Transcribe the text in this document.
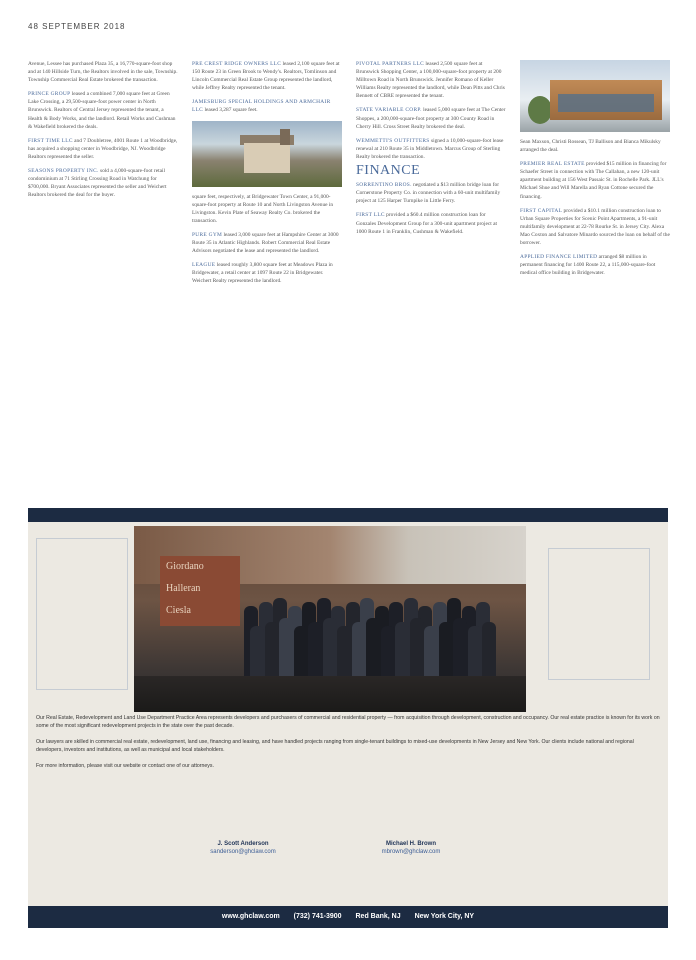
48 SEPTEMBER 2018

Avenue, Lessee has purchased Plaza 35, a 16,770-square-foot shop and at 140 Hillside Turn, the Realtors involved in the sale, Township. Township Commercial Real Estate brokered the transaction.

PRINCE GROUP leased a combined 7,000 square feet at Green Lake Crossing, a 29,500-square-foot power center in North Brunswick. Realtors of Central Jersey represented the tenant, a Health & Body Works, and the landlord. Retail Works and Cushman & Wakefield brokered the deals.

FIRST TIME LLC and 7 Doubletree, 4001 Route 1 at Woodbridge, has acquired a shopping center in Woodbridge, NJ. Woodbridge Realtors represented the seller.

SEASONS PROPERTY INC. sold a 4,000-square-foot retail condominium at 71 Stirling Crossing Road in Watchung for $700,000. Bryant Associates represented the seller and Weichert Realtors brokered the deal for the buyer.

PRE CREST RIDGE OWNERS LLC leased 2,100 square feet at 150 Route 23 in Green Brook to Wendy's. Realtors, Tomlinson and Lincoln Commercial Real Estate Group represented the landlord, while Jeffrey Realty represented the tenant.

JAMESBURG SPECIAL HOLDINGS AND ARMCHAIR LLC leased 3,287 square feet.

square feet, respectively, at Bridgewater Town Center, a 91,000-square-foot property at Route 10 and North Livingston Avenue in Livingston. Kevin Plate of Seaway Realty Co. brokered the transaction.

PURE GYM leased 3,000 square feet at Hampshire Center at 3000 Route 35 in Atlantic Highlands. Robert Commercial Real Estate Advisors negotiated the lease and represented the landlord.

LEAGUE leased roughly 3,800 square feet at Meadows Plaza in Bridgewater, a retail center at 1097 Route 22 in Bridgewater. Weichert Realty represented the landlord.

PIVOTAL PARTNERS LLC leased 2,500 square feet at Brunswick Shopping Center, a 100,000-square-foot property at 200 Milltown Road in North Brunswick. Jennifer Romano of Keller Williams Realty represented the landlord, while Dean Pitts and Chris Bennett of CBRE represented the tenant.

STATE VARIABLE CORP. leased 5,000 square feet at The Center Shoppes, a 200,000-square-foot property at 300 County Road in Cherry Hill. Cross Street Realty brokered the deal.

WEMMETTI'S OUTFITTERS signed a 10,000-square-foot lease renewal at 210 Route 35 in Middletown. Marcus Group of Sterling Realty brokered the transaction.

FINANCE

SORRENTINO BROS. negotiated a $13 million bridge loan for Cornerstone Property Co. in connection with a 60-unit multifamily project at 125 Harper Turnpike in Little Ferry.

FIRST LLC provided a $60.4 million construction loan for Gonzales Development Group for a 300-unit apartment project at 1000 Route 1 in Franklin, Cushman & Wakefield.

Sean Maxson, Christi Rossean, TJ Ballison and Bianca Mikulsky arranged the deal.

PREMIER REAL ESTATE provided $15 million in financing for Schaefer Street in connection with The Callahan, a new 120-unit apartment building at 156 West Passaic St. in Rochelle Park. JLL's Michael Shue and Will Marella and Ryan Cottone secured the financing.

FIRST CAPITAL provided a $10.1 million construction loan to Urban Square Properties for Scenic Point Apartments, a 91-unit multifamily development at 22-78 Rourke St. in Jersey City. Alexa Mao Coxton and Salvatore Minardo sourced the loan on behalf of the borrower.

APPLIED FINANCE LIMITED arranged $8 million in permanent financing for 1400 Route 22, a 115,000-square-foot medical office building in Bridgewater.

Giordano
Halleran
Ciesla

Our Real Estate, Redevelopment and Land Use Department Practice Area represents developers and purchasers of commercial and residential property — from acquisition through development, construction and occupancy. Our real estate practice is known for its work on some of the most significant redevelopment projects in the state over the past decade.

Our lawyers are skilled in commercial real estate, redevelopment, land use, financing and leasing, and have handled projects ranging from single-tenant buildings to mixed-use developments in New Jersey and New York. Our clients include national and regional developers, investors and institutions, as well as municipal and local stakeholders.

For more information, please visit our website or contact one of our attorneys.

J. Scott Anderson
sanderson@ghclaw.com
Michael H. Brown
mbrown@ghclaw.com
www.ghclaw.com (732) 741-3900 Red Bank, NJ New York City, NY
